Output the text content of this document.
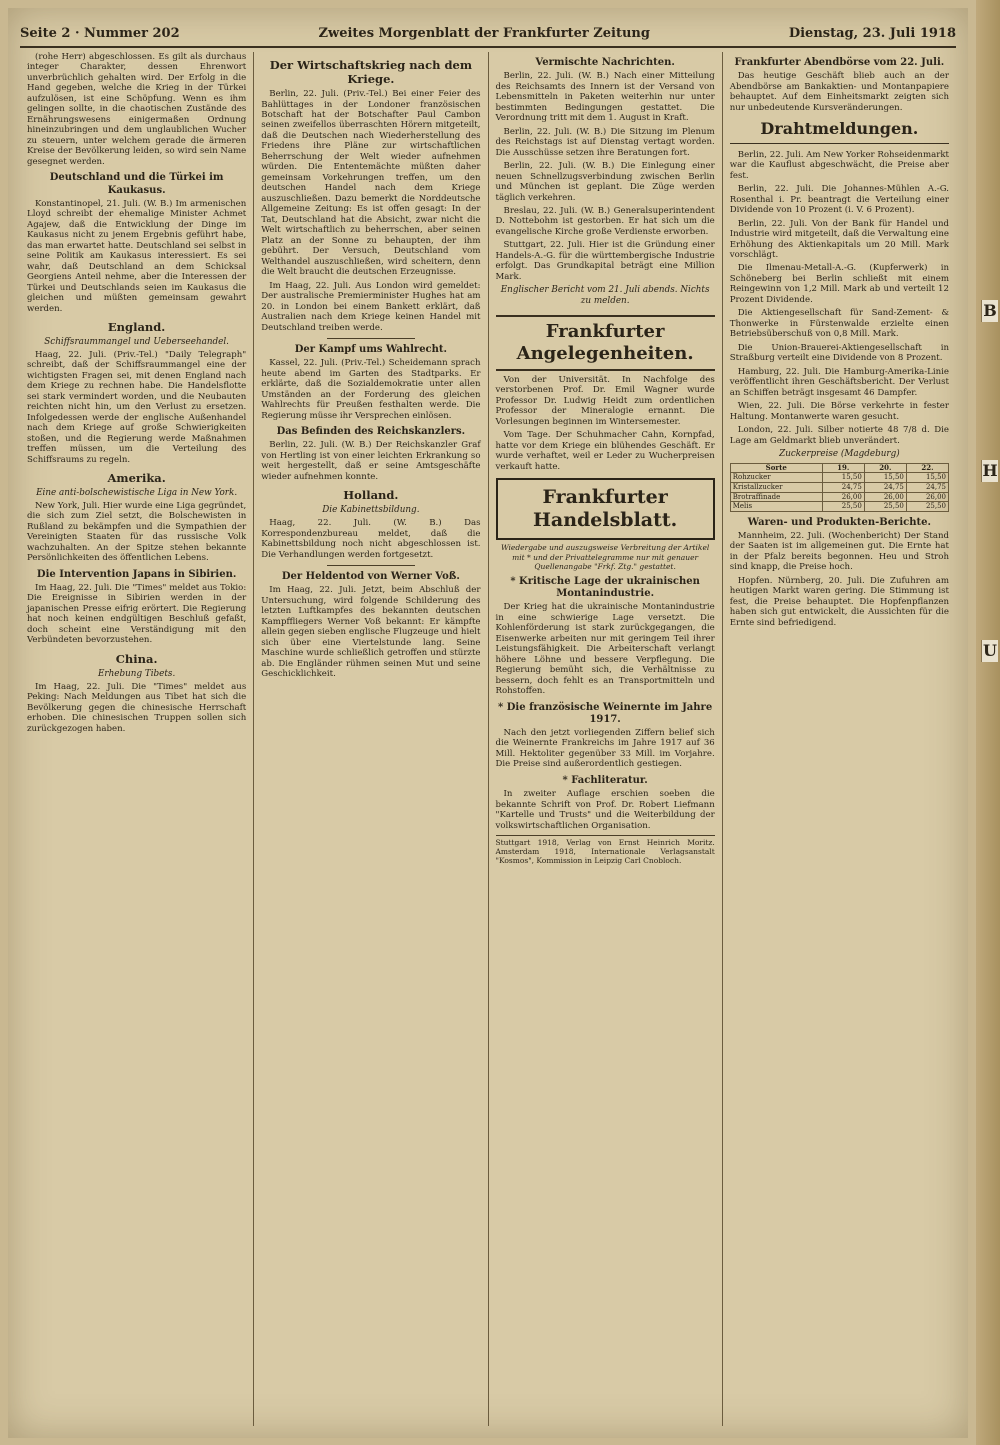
Seite 2 · Nummer 202	Zweites Morgenblatt der Frankfurter Zeitung	Dienstag, 23. Juli 1918

(rohe Herr) abgeschlossen. Es gilt als durchaus integer Charakter, dessen Ehrenwort unverbrüchlich gehalten wird. Der Erfolg in die Hand gegeben, welche die Krieg in der Türkei aufzulösen, ist eine Schöpfung. Wenn es ihm gelingen sollte, in die chaotischen Zustände des Ernährungswesens einigermaßen Ordnung hineinzubringen und dem unglaublichen Wucher zu steuern, unter welchem gerade die ärmeren Kreise der Bevölkerung leiden, so wird sein Name gesegnet werden.

Deutschland und die Türkei im Kaukasus.

Konstantinopel, 21. Juli. (W. B.) Im armenischen Lloyd schreibt der ehemalige Minister Achmet Agajew, daß die Entwicklung der Dinge im Kaukasus nicht zu jenem Ergebnis geführt habe, das man erwartet hatte. Deutschland sei selbst in seine Politik am Kaukasus interessiert. Es sei wahr, daß Deutschland an dem Schicksal Georgiens Anteil nehme, aber die Interessen der Türkei und Deutschlands seien im Kaukasus die gleichen und müßten gemeinsam gewahrt werden.

England.
Schiffsraummangel und Ueberseehandel.

Haag, 22. Juli. (Priv.-Tel.) "Daily Telegraph" schreibt, daß der Schiffsraummangel eine der wichtigsten Fragen sei, mit denen England nach dem Kriege zu rechnen habe. Die Handelsflotte sei stark vermindert worden, und die Neubauten reichten nicht hin, um den Verlust zu ersetzen. Infolgedessen werde der englische Außenhandel nach dem Kriege auf große Schwierigkeiten stoßen, und die Regierung werde Maßnahmen treffen müssen, um die Verteilung des Schiffsraums zu regeln.

Amerika.
Eine anti-bolschewistische Liga in New York.

New York, Juli. Hier wurde eine Liga gegründet, die sich zum Ziel setzt, die Bolschewisten in Rußland zu bekämpfen und die Sympathien der Vereinigten Staaten für das russische Volk wachzuhalten. An der Spitze stehen bekannte Persönlichkeiten des öffentlichen Lebens.

Die Intervention Japans in Sibirien.

Im Haag, 22. Juli. Die "Times" meldet aus Tokio: Die Ereignisse in Sibirien werden in der japanischen Presse eifrig erörtert. Die Regierung hat noch keinen endgültigen Beschluß gefaßt, doch scheint eine Verständigung mit den Verbündeten bevorzustehen.

China.
Erhebung Tibets.

Im Haag, 22. Juli. Die "Times" meldet aus Peking: Nach Meldungen aus Tibet hat sich die Bevölkerung gegen die chinesische Herrschaft erhoben. Die chinesischen Truppen sollen sich zurückgezogen haben.

Der Wirtschaftskrieg nach dem Kriege.

Berlin, 22. Juli. (Priv.-Tel.) Bei einer Feier des Bahlüttages in der Londoner französischen Botschaft hat der Botschafter Paul Cambon seinen zweifellos überraschten Hörern mitgeteilt, daß die Deutschen nach Wiederherstellung des Friedens ihre Pläne zur wirtschaftlichen Beherrschung der Welt wieder aufnehmen würden. Die Ententemächte müßten daher gemeinsam Vorkehrungen treffen, um den deutschen Handel nach dem Kriege auszuschließen. Dazu bemerkt die Norddeutsche Allgemeine Zeitung: Es ist offen gesagt: In der Tat, Deutschland hat die Absicht, zwar nicht die Welt wirtschaftlich zu beherrschen, aber seinen Platz an der Sonne zu behaupten, der ihm gebührt. Der Versuch, Deutschland vom Welthandel auszuschließen, wird scheitern, denn die Welt braucht die deutschen Erzeugnisse.

Im Haag, 22. Juli. Aus London wird gemeldet: Der australische Premierminister Hughes hat am 20. in London bei einem Bankett erklärt, daß Australien nach dem Kriege keinen Handel mit Deutschland treiben werde.

Der Kampf ums Wahlrecht.

Kassel, 22. Juli. (Priv.-Tel.) Scheidemann sprach heute abend im Garten des Stadtparks. Er erklärte, daß die Sozialdemokratie unter allen Umständen an der Forderung des gleichen Wahlrechts für Preußen festhalten werde. Die Regierung müsse ihr Versprechen einlösen.

Das Befinden des Reichskanzlers.

Berlin, 22. Juli. (W. B.) Der Reichskanzler Graf von Hertling ist von einer leichten Erkrankung so weit hergestellt, daß er seine Amtsgeschäfte wieder aufnehmen konnte.

Holland.
Die Kabinettsbildung.

Haag, 22. Juli. (W. B.) Das Korrespondenzbureau meldet, daß die Kabinettsbildung noch nicht abgeschlossen ist. Die Verhandlungen werden fortgesetzt.

Der Heldentod von Werner Voß.

Im Haag, 22. Juli. Jetzt, beim Abschluß der Untersuchung, wird folgende Schilderung des letzten Luftkampfes des bekannten deutschen Kampffliegers Werner Voß bekannt: Er kämpfte allein gegen sieben englische Flugzeuge und hielt sich über eine Viertelstunde lang. Seine Maschine wurde schließlich getroffen und stürzte ab. Die Engländer rühmen seinen Mut und seine Geschicklichkeit.

Vermischte Nachrichten.

Berlin, 22. Juli. (W. B.) Nach einer Mitteilung des Reichsamts des Innern ist der Versand von Lebensmitteln in Paketen weiterhin nur unter bestimmten Bedingungen gestattet. Die Verordnung tritt mit dem 1. August in Kraft.

Berlin, 22. Juli. (W. B.) Die Sitzung im Plenum des Reichstags ist auf Dienstag vertagt worden. Die Ausschüsse setzen ihre Beratungen fort.

Berlin, 22. Juli. (W. B.) Die Einlegung einer neuen Schnellzugsverbindung zwischen Berlin und München ist geplant. Die Züge werden täglich verkehren.

Breslau, 22. Juli. (W. B.) Generalsuperintendent D. Nottebohm ist gestorben. Er hat sich um die evangelische Kirche große Verdienste erworben.

Stuttgart, 22. Juli. Hier ist die Gründung einer Handels-A.-G. für die württembergische Industrie erfolgt. Das Grundkapital beträgt eine Million Mark.

Englischer Bericht vom 21. Juli abends. Nichts zu melden.
Frankfurter Angelegenheiten.

Von der Universität. In Nachfolge des verstorbenen Prof. Dr. Emil Wagner wurde Professor Dr. Ludwig Heidt zum ordentlichen Professor der Mineralogie ernannt. Die Vorlesungen beginnen im Wintersemester.

Vom Tage. Der Schuhmacher Cahn, Kornpfad, hatte vor dem Kriege ein blühendes Geschäft. Er wurde verhaftet, weil er Leder zu Wucherpreisen verkauft hatte.

Frankfurter Handelsblatt.
Wiedergabe und auszugsweise Verbreitung der Artikel mit * und der Privattelegramme nur mit genauer Quellenangabe "Frkf. Ztg." gestattet.
* Kritische Lage der ukrainischen Montanindustrie.

Der Krieg hat die ukrainische Montanindustrie in eine schwierige Lage versetzt. Die Kohlenförderung ist stark zurückgegangen, die Eisenwerke arbeiten nur mit geringem Teil ihrer Leistungsfähigkeit. Die Arbeiterschaft verlangt höhere Löhne und bessere Verpflegung. Die Regierung bemüht sich, die Verhältnisse zu bessern, doch fehlt es an Transportmitteln und Rohstoffen.

* Die französische Weinernte im Jahre 1917.

Nach den jetzt vorliegenden Ziffern belief sich die Weinernte Frankreichs im Jahre 1917 auf 36 Mill. Hektoliter gegenüber 33 Mill. im Vorjahre. Die Preise sind außerordentlich gestiegen.

* Fachliteratur.

In zweiter Auflage erschien soeben die bekannte Schrift von Prof. Dr. Robert Liefmann "Kartelle und Trusts" und die Weiterbildung der volkswirtschaftlichen Organisation.

Stuttgart 1918, Verlag von Ernst Heinrich Moritz. Amsterdam 1918, Internationale Verlagsanstalt "Kosmos", Kommission in Leipzig Carl Cnobloch.
Frankfurter Abendbörse vom 22. Juli.

Das heutige Geschäft blieb auch an der Abendbörse am Bankaktien- und Montanpapiere behauptet. Auf dem Einheitsmarkt zeigten sich nur unbedeutende Kursveränderungen.

Drahtmeldungen.

Berlin, 22. Juli. Am New Yorker Rohseidenmarkt war die Kauflust abgeschwächt, die Preise aber fest.

Berlin, 22. Juli. Die Johannes-Mühlen A.-G. Rosenthal i. Pr. beantragt die Verteilung einer Dividende von 10 Prozent (i. V. 6 Prozent).

Berlin, 22. Juli. Von der Bank für Handel und Industrie wird mitgeteilt, daß die Verwaltung eine Erhöhung des Aktienkapitals um 20 Mill. Mark vorschlägt.

Die Ilmenau-Metall-A.-G. (Kupferwerk) in Schöneberg bei Berlin schließt mit einem Reingewinn von 1,2 Mill. Mark ab und verteilt 12 Prozent Dividende.

Die Aktiengesellschaft für Sand-Zement- & Thonwerke in Fürstenwalde erzielte einen Betriebsüberschuß von 0,8 Mill. Mark.

Die Union-Brauerei-Aktiengesellschaft in Straßburg verteilt eine Dividende von 8 Prozent.

Hamburg, 22. Juli. Die Hamburg-Amerika-Linie veröffentlicht ihren Geschäftsbericht. Der Verlust an Schiffen beträgt insgesamt 46 Dampfer.

Wien, 22. Juli. Die Börse verkehrte in fester Haltung. Montanwerte waren gesucht.

London, 22. Juli. Silber notierte 48 7/8 d. Die Lage am Geldmarkt blieb unverändert.

Zuckerpreise (Magdeburg)
Sorte	19.	20.	22.
Rohzucker	15,50	15,50	15,50
Kristallzucker	24,75	24,75	24,75
Brotraffinade	26,00	26,00	26,00
Melis	25,50	25,50	25,50
Waren- und Produkten-Berichte.

Mannheim, 22. Juli. (Wochenbericht) Der Stand der Saaten ist im allgemeinen gut. Die Ernte hat in der Pfalz bereits begonnen. Heu und Stroh sind knapp, die Preise hoch.

Hopfen. Nürnberg, 20. Juli. Die Zufuhren am heutigen Markt waren gering. Die Stimmung ist fest, die Preise behauptet. Die Hopfenpflanzen haben sich gut entwickelt, die Aussichten für die Ernte sind befriedigend.

B
H
U
